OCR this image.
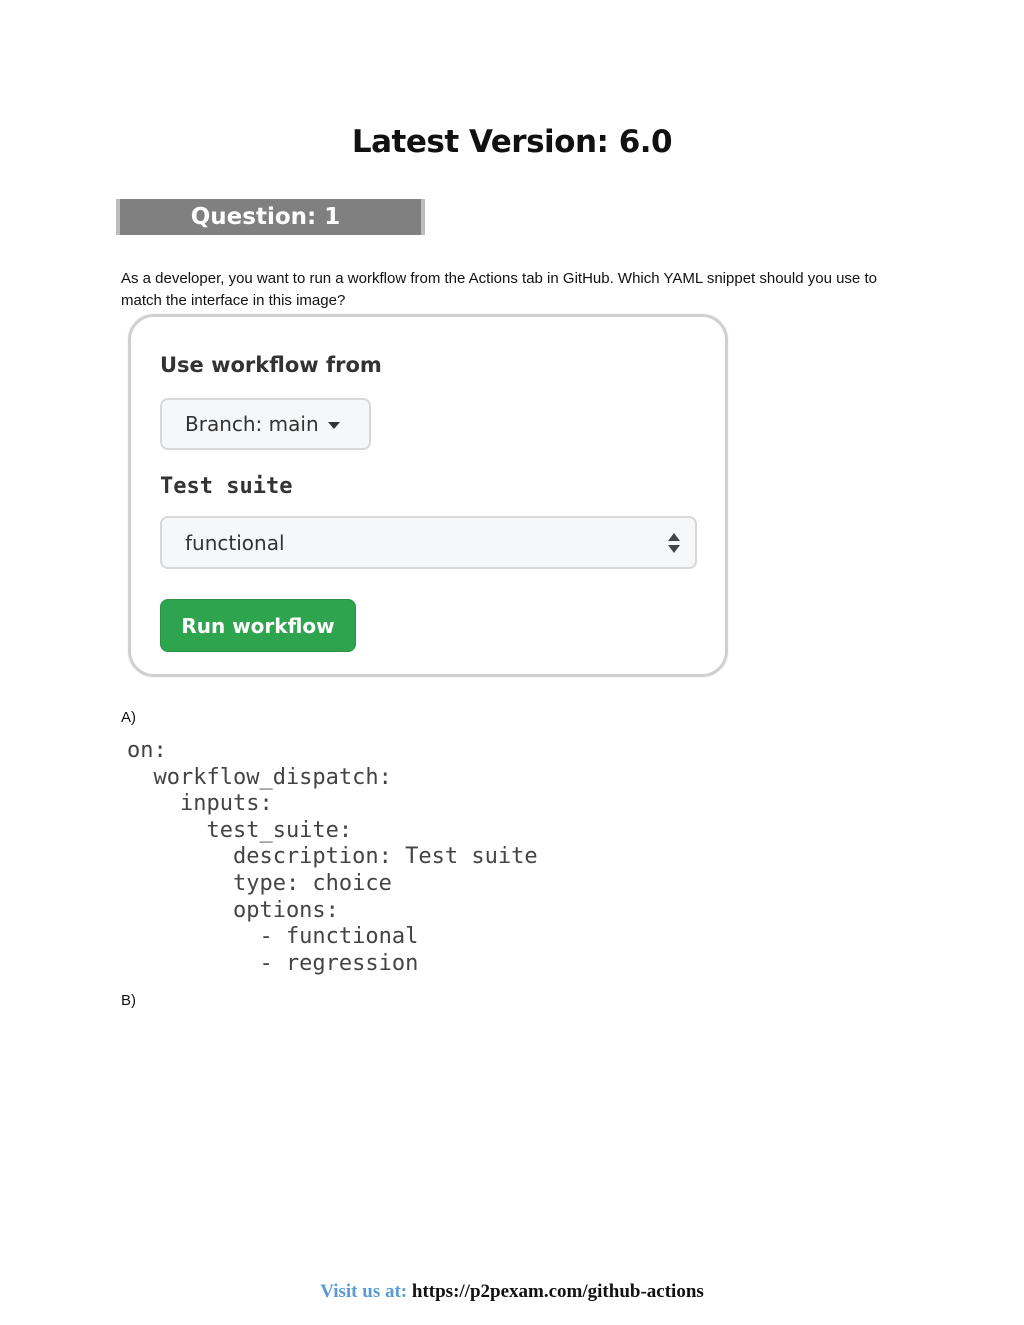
Latest Version: 6.0
Question: 1
As a developer, you want to run a workflow from the Actions tab in GitHub. Which YAML snippet should you use to match the interface in this image?
Use workflow from
Branch: main
Test suite
functional
Run workflow
A)
on:
workflow_dispatch:
inputs:
test_suite:
description: Test suite
type: choice
options:
- functional
- regression
B)
Visit us at: https://p2pexam.com/github-actions
